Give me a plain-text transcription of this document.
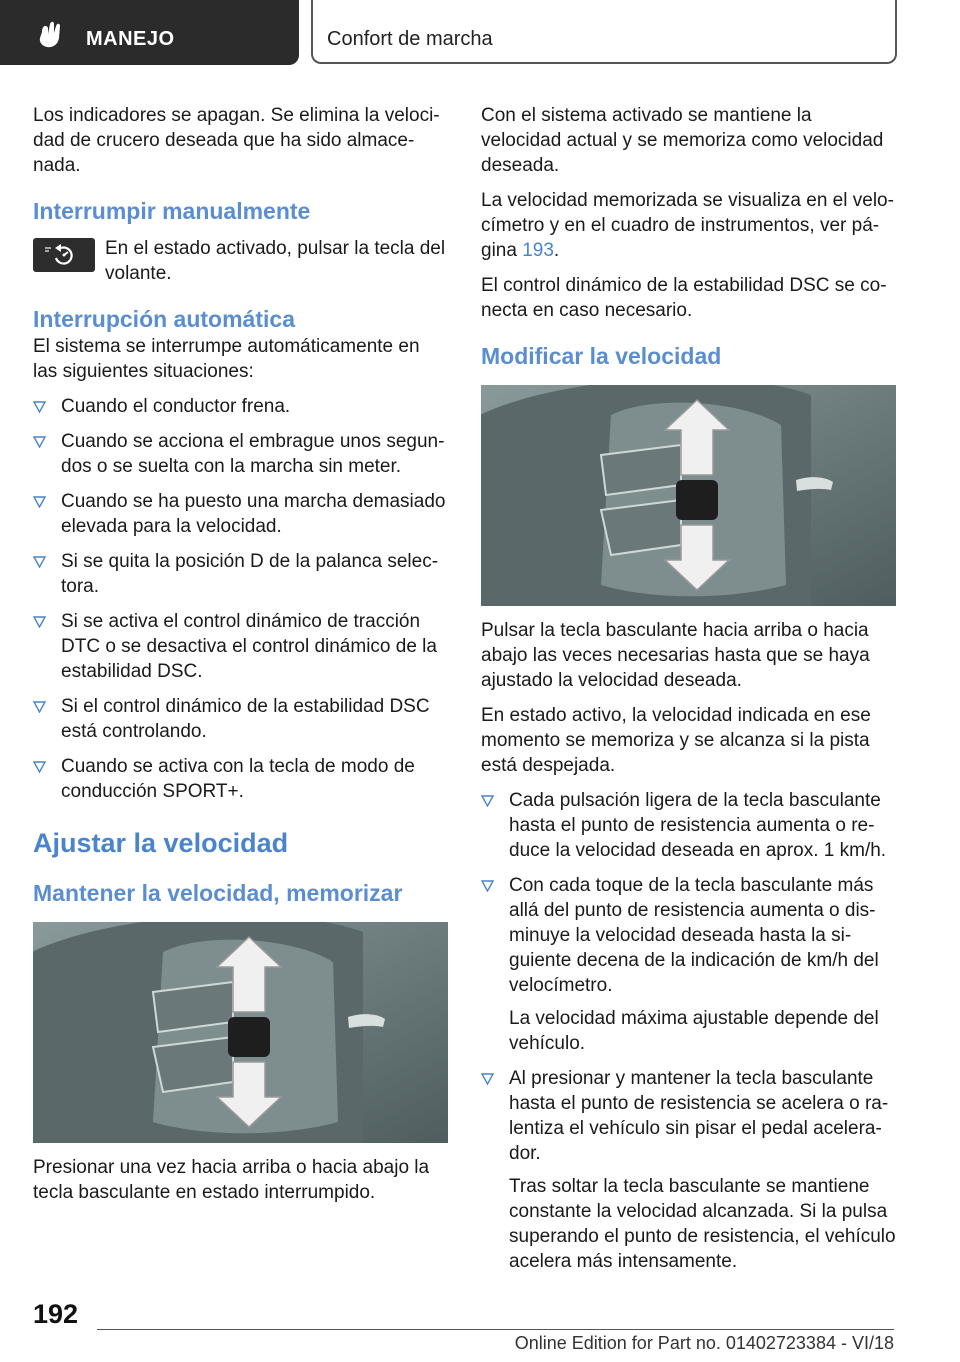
MANEJO	Confort de marcha

Los indicadores se apagan. Se elimina la veloci-dad de crucero deseada que ha sido almace-nada.

Interrumpir manualmente
En el estado activado, pulsar la tecla del volante.
Interrupción automática

El sistema se interrumpe automáticamente en las siguientes situaciones:

Cuando el conductor frena.
Cuando se acciona el embrague unos segun-dos o se suelta con la marcha sin meter.
Cuando se ha puesto una marcha demasiado elevada para la velocidad.
Si se quita la posición D de la palanca selec-tora.
Si se activa el control dinámico de tracción DTC o se desactiva el control dinámico de la estabilidad DSC.
Si el control dinámico de la estabilidad DSC está controlando.
Cuando se activa con la tecla de modo de conducción SPORT+.
Ajustar la velocidad
Mantener la velocidad, memorizar

Presionar una vez hacia arriba o hacia abajo la tecla basculante en estado interrumpido.

Con el sistema activado se mantiene la velocidad actual y se memoriza como velocidad deseada.

La velocidad memorizada se visualiza en el velo-címetro y en el cuadro de instrumentos, ver pá-gina 193.

El control dinámico de la estabilidad DSC se co-necta en caso necesario.

Modificar la velocidad

Pulsar la tecla basculante hacia arriba o hacia abajo las veces necesarias hasta que se haya ajustado la velocidad deseada.

En estado activo, la velocidad indicada en ese momento se memoriza y se alcanza si la pista está despejada.

Cada pulsación ligera de la tecla basculante hasta el punto de resistencia aumenta o re-duce la velocidad deseada en aprox. 1 km/h.
Con cada toque de la tecla basculante más allá del punto de resistencia aumenta o dis-minuye la velocidad deseada hasta la si-guiente decena de la indicación de km/h del velocímetro.
La velocidad máxima ajustable depende del vehículo.
Al presionar y mantener la tecla basculante hasta el punto de resistencia se acelera o ra-lentiza el vehículo sin pisar el pedal acelera-dor.
Tras soltar la tecla basculante se mantiene constante la velocidad alcanzada. Si la pulsa superando el punto de resistencia, el vehículo acelera más intensamente.
192
Online Edition for Part no. 01402723384 - VI/18
